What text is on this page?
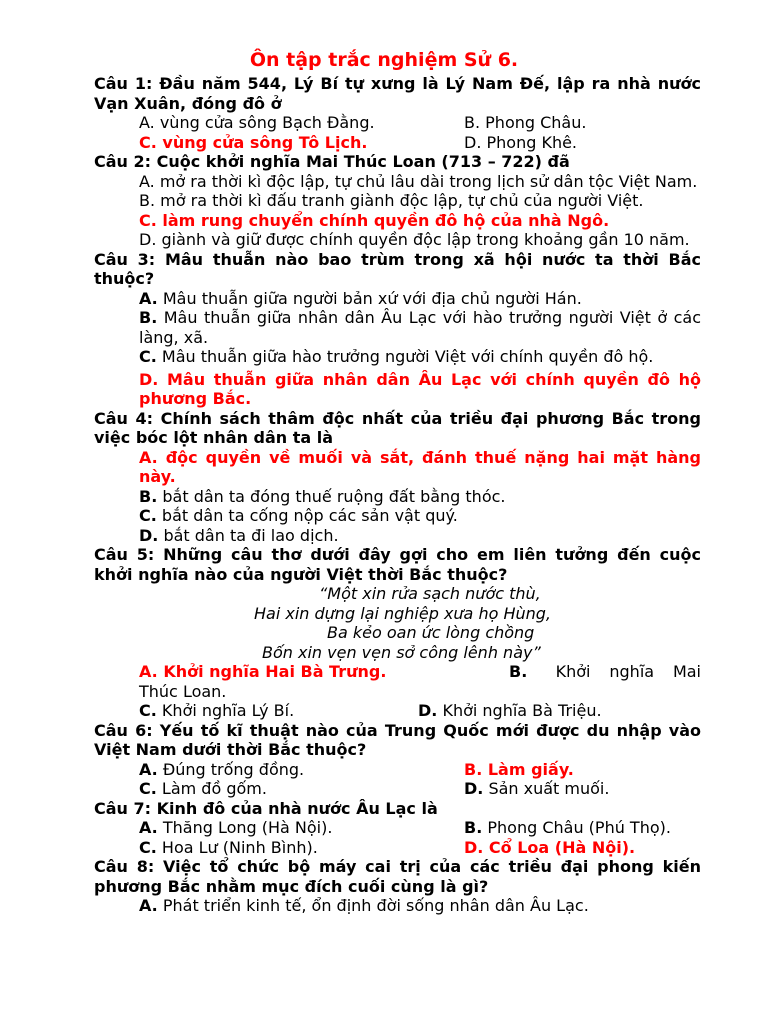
Ôn tập trắc nghiệm Sử 6.
Câu 1: Đầu năm 544, Lý Bí tự xưng là Lý Nam Đế, lập ra nhà nước Vạn Xuân, đóng đô ở
A. vùng cửa sông Bạch Đằng.	B. Phong Châu.
C. vùng cửa sông Tô Lịch.	D. Phong Khê.
Câu 2: Cuộc khởi nghĩa Mai Thúc Loan (713 – 722) đã
A. mở ra thời kì độc lập, tự chủ lâu dài trong lịch sử dân tộc Việt Nam.
B. mở ra thời kì đấu tranh giành độc lập, tự chủ của người Việt.
C. làm rung chuyển chính quyền đô hộ của nhà Ngô.
D. giành và giữ được chính quyền độc lập trong khoảng gần 10 năm.
Câu 3: Mâu thuẫn nào bao trùm trong xã hội nước ta thời Bắc thuộc?
A. Mâu thuẫn giữa người bản xứ với địa chủ người Hán.
B. Mâu thuẫn giữa nhân dân Âu Lạc với hào trưởng người Việt ở các làng, xã.
C. Mâu thuẫn giữa hào trưởng người Việt với chính quyền đô hộ.
D. Mâu thuẫn giữa nhân dân Âu Lạc với chính quyền đô hộ phương Bắc.
Câu 4: Chính sách thâm độc nhất của triều đại phương Bắc trong việc bóc lột nhân dân ta là
A. độc quyền về muối và sắt, đánh thuế nặng hai mặt hàng này.
B. bắt dân ta đóng thuế ruộng đất bằng thóc.
C. bắt dân ta cống nộp các sản vật quý.
D. bắt dân ta đi lao dịch.
Câu 5: Những câu thơ dưới đây gợi cho em liên tưởng đến cuộc khởi nghĩa nào của người Việt thời Bắc thuộc?
“Một xin rửa sạch nước thù,
Hai xin dựng lại nghiệp xưa họ Hùng,
Ba kẻo oan ức lòng chồng
Bốn xin vẹn vẹn sở công lênh này”
A. Khởi nghĩa Hai Bà Trưng.	B. Khởi  nghĩa  Mai
Thúc Loan.
C. Khởi nghĩa Lý Bí.	D. Khởi nghĩa Bà Triệu.
Câu 6: Yếu tố kĩ thuật nào của Trung Quốc mới được du nhập vào Việt Nam dưới thời Bắc thuộc?
A. Đúng trống đồng.	B. Làm giấy.
C. Làm đồ gốm.	D. Sản xuất muối.
Câu 7: Kinh đô của nhà nước Âu Lạc là
A. Thăng Long (Hà Nội).	B. Phong Châu (Phú Thọ).
C. Hoa Lư (Ninh Bình).	D. Cổ Loa (Hà Nội).
Câu 8: Việc tổ chức bộ máy cai trị của các triều đại phong kiến phương Bắc nhằm mục đích cuối cùng là gì?
A. Phát triển kinh tế, ổn định đời sống nhân dân Âu Lạc.
